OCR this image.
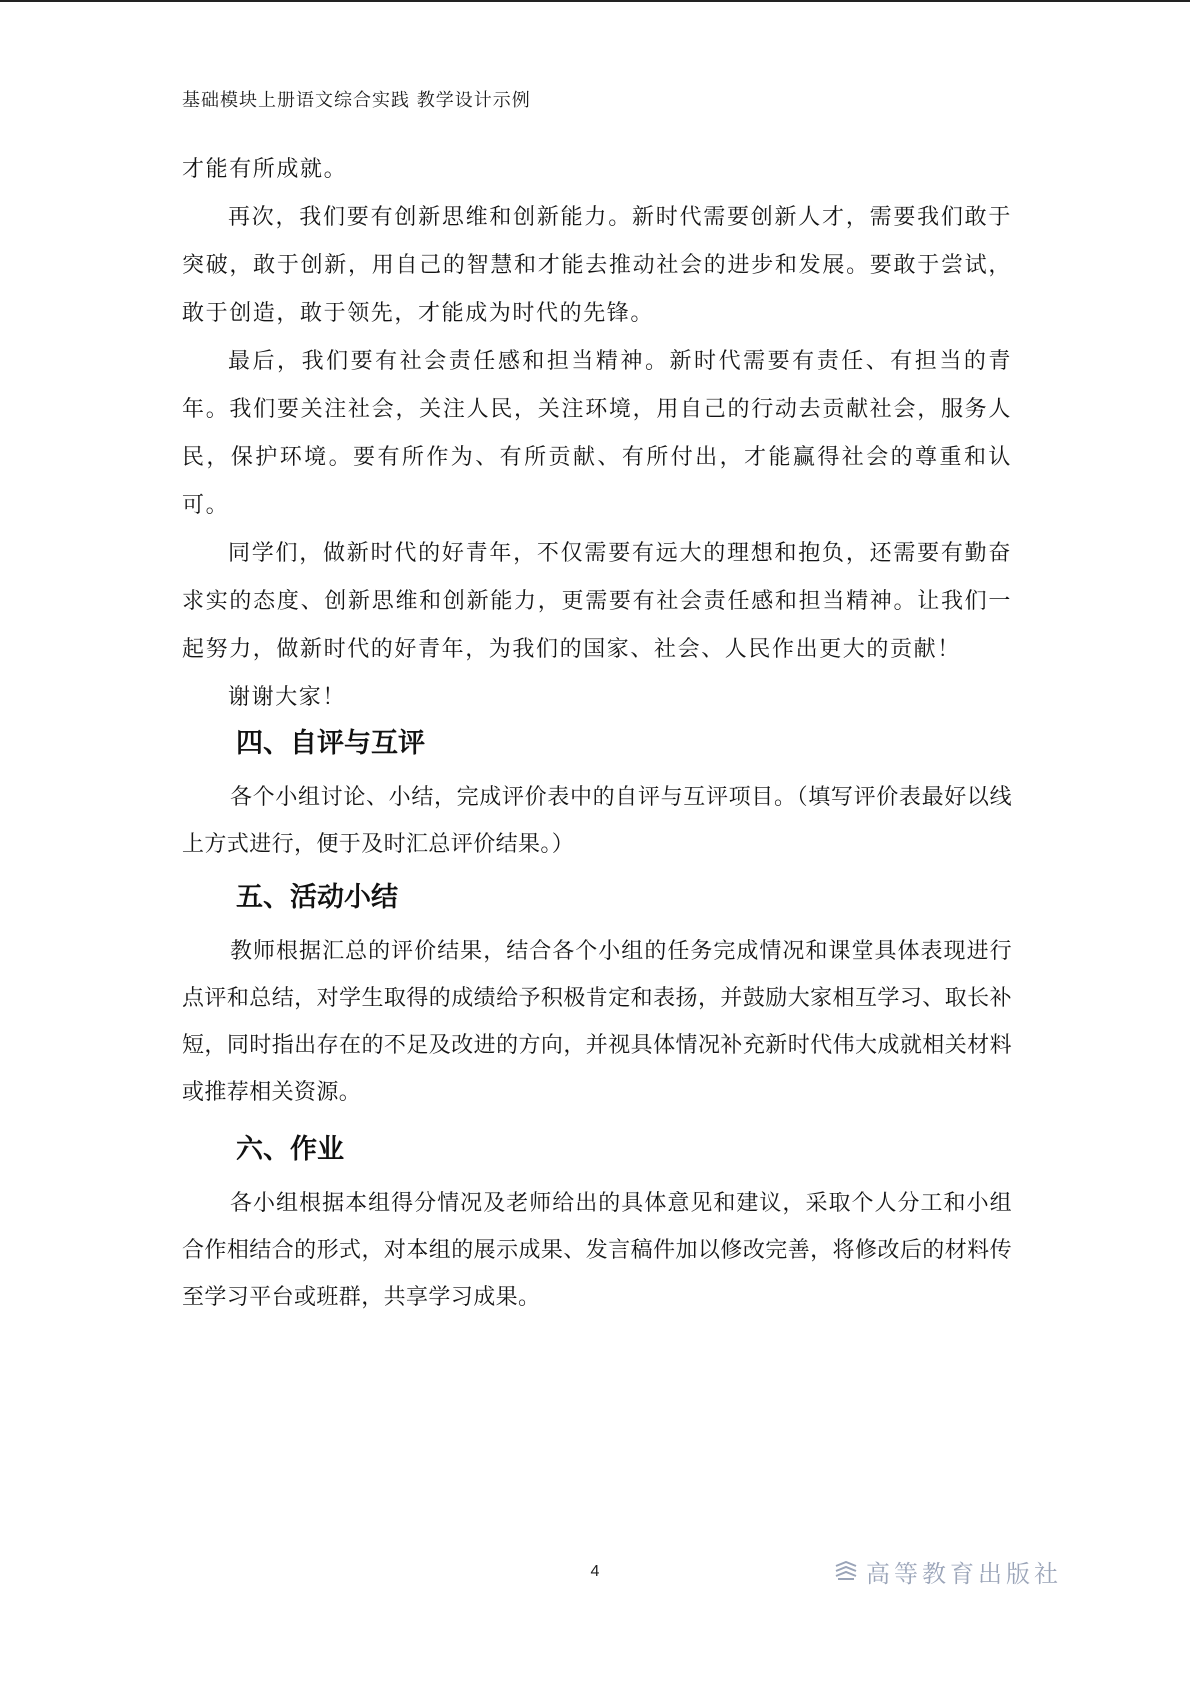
基础模块上册语文综合实践 教学设计示例

才能有所成就。

再次，我们要有创新思维和创新能力。新时代需要创新人才，需要我们敢于突破，敢于创新，用自己的智慧和才能去推动社会的进步和发展。要敢于尝试，敢于创造，敢于领先，才能成为时代的先锋。

最后，我们要有社会责任感和担当精神。新时代需要有责任、有担当的青年。我们要关注社会，关注人民，关注环境，用自己的行动去贡献社会，服务人民，保护环境。要有所作为、有所贡献、有所付出，才能赢得社会的尊重和认可。

同学们，做新时代的好青年，不仅需要有远大的理想和抱负，还需要有勤奋求实的态度、创新思维和创新能力，更需要有社会责任感和担当精神。让我们一起努力，做新时代的好青年，为我们的国家、社会、人民作出更大的贡献！

谢谢大家！

四、自评与互评

各个小组讨论、小结，完成评价表中的自评与互评项目。（填写评价表最好以线上方式进行，便于及时汇总评价结果。）

五、活动小结

教师根据汇总的评价结果，结合各个小组的任务完成情况和课堂具体表现进行点评和总结，对学生取得的成绩给予积极肯定和表扬，并鼓励大家相互学习、取长补短，同时指出存在的不足及改进的方向，并视具体情况补充新时代伟大成就相关材料或推荐相关资源。

六、作业

各小组根据本组得分情况及老师给出的具体意见和建议，采取个人分工和小组合作相结合的形式，对本组的展示成果、发言稿件加以修改完善，将修改后的材料传至学习平台或班群，共享学习成果。

4	高等教育出版社
